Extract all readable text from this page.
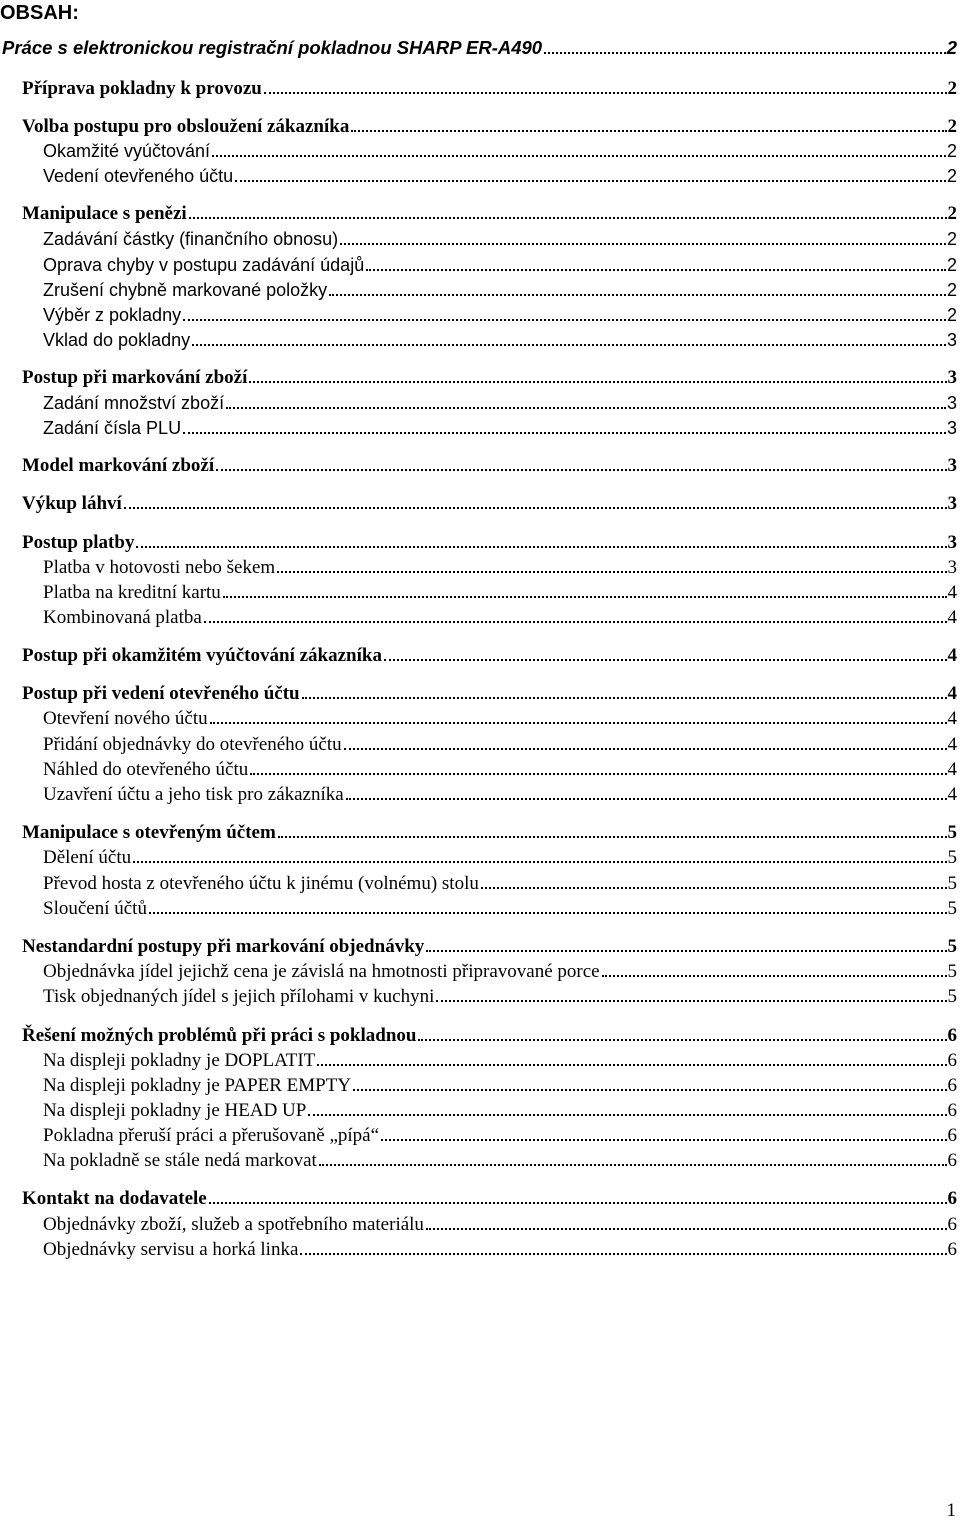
OBSAH:
Práce s elektronickou registrační pokladnou SHARP ER-A490	2
Příprava pokladny k provozu	2
Volba postupu pro obsloužení zákazníka	2
Okamžité vyúčtování	2
Vedení otevřeného účtu	2
Manipulace s penězi	2
Zadávání částky (finančního obnosu)	2
Oprava chyby v postupu zadávání údajů	2
Zrušení chybně markované položky	2
Výběr z pokladny	2
Vklad do pokladny	3
Postup při markování zboží	3
Zadání množství zboží	3
Zadání čísla PLU	3
Model markování zboží	3
Výkup láhví	3
Postup platby	3
Platba v hotovosti nebo šekem	3
Platba na kreditní kartu	4
Kombinovaná platba	4
Postup při okamžitém vyúčtování zákazníka	4
Postup při vedení otevřeného účtu	4
Otevření nového účtu	4
Přidání objednávky do otevřeného účtu	4
Náhled do otevřeného účtu	4
Uzavření účtu a jeho tisk pro zákazníka	4
Manipulace s otevřeným účtem	5
Dělení účtu	5
Převod hosta z otevřeného účtu k jinému (volnému) stolu	5
Sloučení účtů	5
Nestandardní postupy při markování objednávky	5
Objednávka jídel jejichž cena je závislá na hmotnosti připravované porce	5
Tisk objednaných jídel s jejich přílohami v kuchyni	5
Řešení možných problémů při práci s pokladnou	6
Na displeji pokladny je DOPLATIT	6
Na displeji pokladny je PAPER EMPTY	6
Na displeji pokladny je HEAD UP	6
Pokladna přeruší práci a přerušovaně „pípá“	6
Na pokladně se stále nedá markovat	6
Kontakt na dodavatele	6
Objednávky zboží, služeb a spotřebního materiálu	6
Objednávky servisu a horká linka	6
1
